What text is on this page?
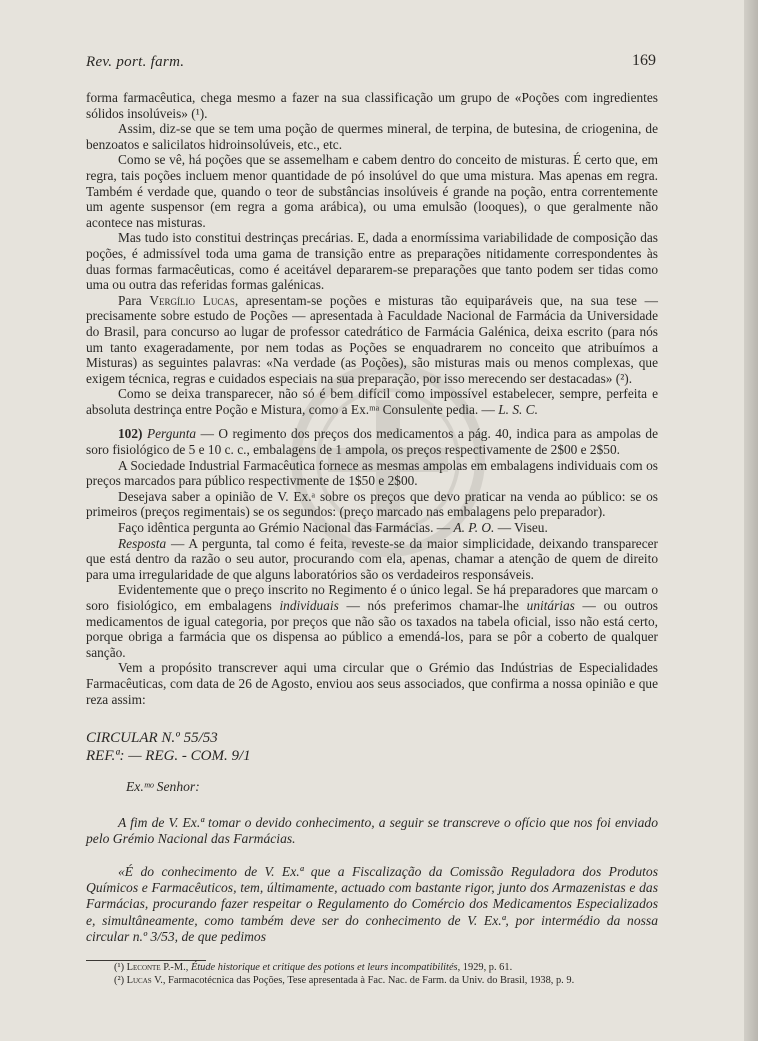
Rev. port. farm.	169

forma farmacêutica, chega mesmo a fazer na sua classificação um grupo de «Poções com ingredientes sólidos insolúveis» (¹).

Assim, diz-se que se tem uma poção de quermes mineral, de terpina, de butesina, de criogenina, de benzoatos e salicilatos hidroinsolúveis, etc., etc.

Como se vê, há poções que se assemelham e cabem dentro do conceito de misturas. É certo que, em regra, tais poções incluem menor quantidade de pó insolúvel do que uma mistura. Mas apenas em regra. Também é verdade que, quando o teor de substâncias insolúveis é grande na poção, entra correntemente um agente suspensor (em regra a goma arábica), ou uma emulsão (looques), o que geralmente não acontece nas misturas.

Mas tudo isto constitui destrinças precárias. E, dada a enormíssima variabilidade de composição das poções, é admissível toda uma gama de transição entre as preparações nitidamente correspondentes às duas formas farmacêuticas, como é aceitável depararem-se preparações que tanto podem ser tidas como uma ou outra das referidas formas galénicas.

Para Vergílio Lucas, apresentam-se poções e misturas tão equiparáveis que, na sua tese — precisamente sobre estudo de Poções — apresentada à Faculdade Nacional de Farmácia da Universidade do Brasil, para concurso ao lugar de professor catedrático de Farmácia Galénica, deixa escrito (para nós um tanto exageradamente, por nem todas as Poções se enquadrarem no conceito que atribuímos a Misturas) as seguintes palavras: «Na verdade (as Poções), são misturas mais ou menos complexas, que exigem técnica, regras e cuidados especiais na sua preparação, por isso merecendo ser destacadas» (²).

Como se deixa transparecer, não só é bem difícil como impossível estabelecer, sempre, perfeita e absoluta destrinça entre Poção e Mistura, como a Ex.ᵐᵃ Consulente pedia. — L. S. C.

102) Pergunta — O regimento dos preços dos medicamentos a pág. 40, indica para as ampolas de soro fisiológico de 5 e 10 c. c., embalagens de 1 ampola, os preços respectivamente de 2$00 e 2$50.

A Sociedade Industrial Farmacêutica fornece as mesmas ampolas em embalagens individuais com os preços marcados para público respectivmente de 1$50 e 2$00.

Desejava saber a opinião de V. Ex.ᵃ sobre os preços que devo praticar na venda ao público: se os primeiros (preços regimentais) se os segundos: (preço marcado nas embalagens pelo preparador).

Faço idêntica pergunta ao Grémio Nacional das Farmácias. — A. P. O. — Viseu.

Resposta — A pergunta, tal como é feita, reveste-se da maior simplicidade, deixando transparecer que está dentro da razão o seu autor, procurando com ela, apenas, chamar a atenção de quem de direito para uma irregularidade de que alguns laboratórios são os verdadeiros responsáveis.

Evidentemente que o preço inscrito no Regimento é o único legal. Se há preparadores que marcam o soro fisiológico, em embalagens individuais — nós preferimos chamar-lhe unitárias — ou outros medicamentos de igual categoria, por preços que não são os taxados na tabela oficial, isso não está certo, porque obriga a farmácia que os dispensa ao público a emendá-los, para se pôr a coberto de qualquer sanção.

Vem a propósito transcrever aqui uma circular que o Grémio das Indústrias de Especialidades Farmacêuticas, com data de 26 de Agosto, enviou aos seus associados, que confirma a nossa opinião e que reza assim:

CIRCULAR N.º 55/53
REF.ª: — REG. - COM. 9/1

Ex.ᵐᵒ Senhor:

A fim de V. Ex.ª tomar o devido conhecimento, a seguir se transcreve o ofício que nos foi enviado pelo Grémio Nacional das Farmácias.

«É do conhecimento de V. Ex.ª que a Fiscalização da Comissão Reguladora dos Produtos Químicos e Farmacêuticos, tem, últimamente, actuado com bastante rigor, junto dos Armazenistas e das Farmácias, procurando fazer respeitar o Regulamento do Comércio dos Medicamentos Especializados e, simultâneamente, como também deve ser do conhecimento de V. Ex.ª, por intermédio da nossa circular n.º 3/53, de que pedimos

(¹) Leconte P.-M., Étude historique et critique des potions et leurs incompatibilités, 1929, p. 61.

(²) Lucas V., Farmacotécnica das Poções, Tese apresentada à Fac. Nac. de Farm. da Univ. do Brasil, 1938, p. 9.
